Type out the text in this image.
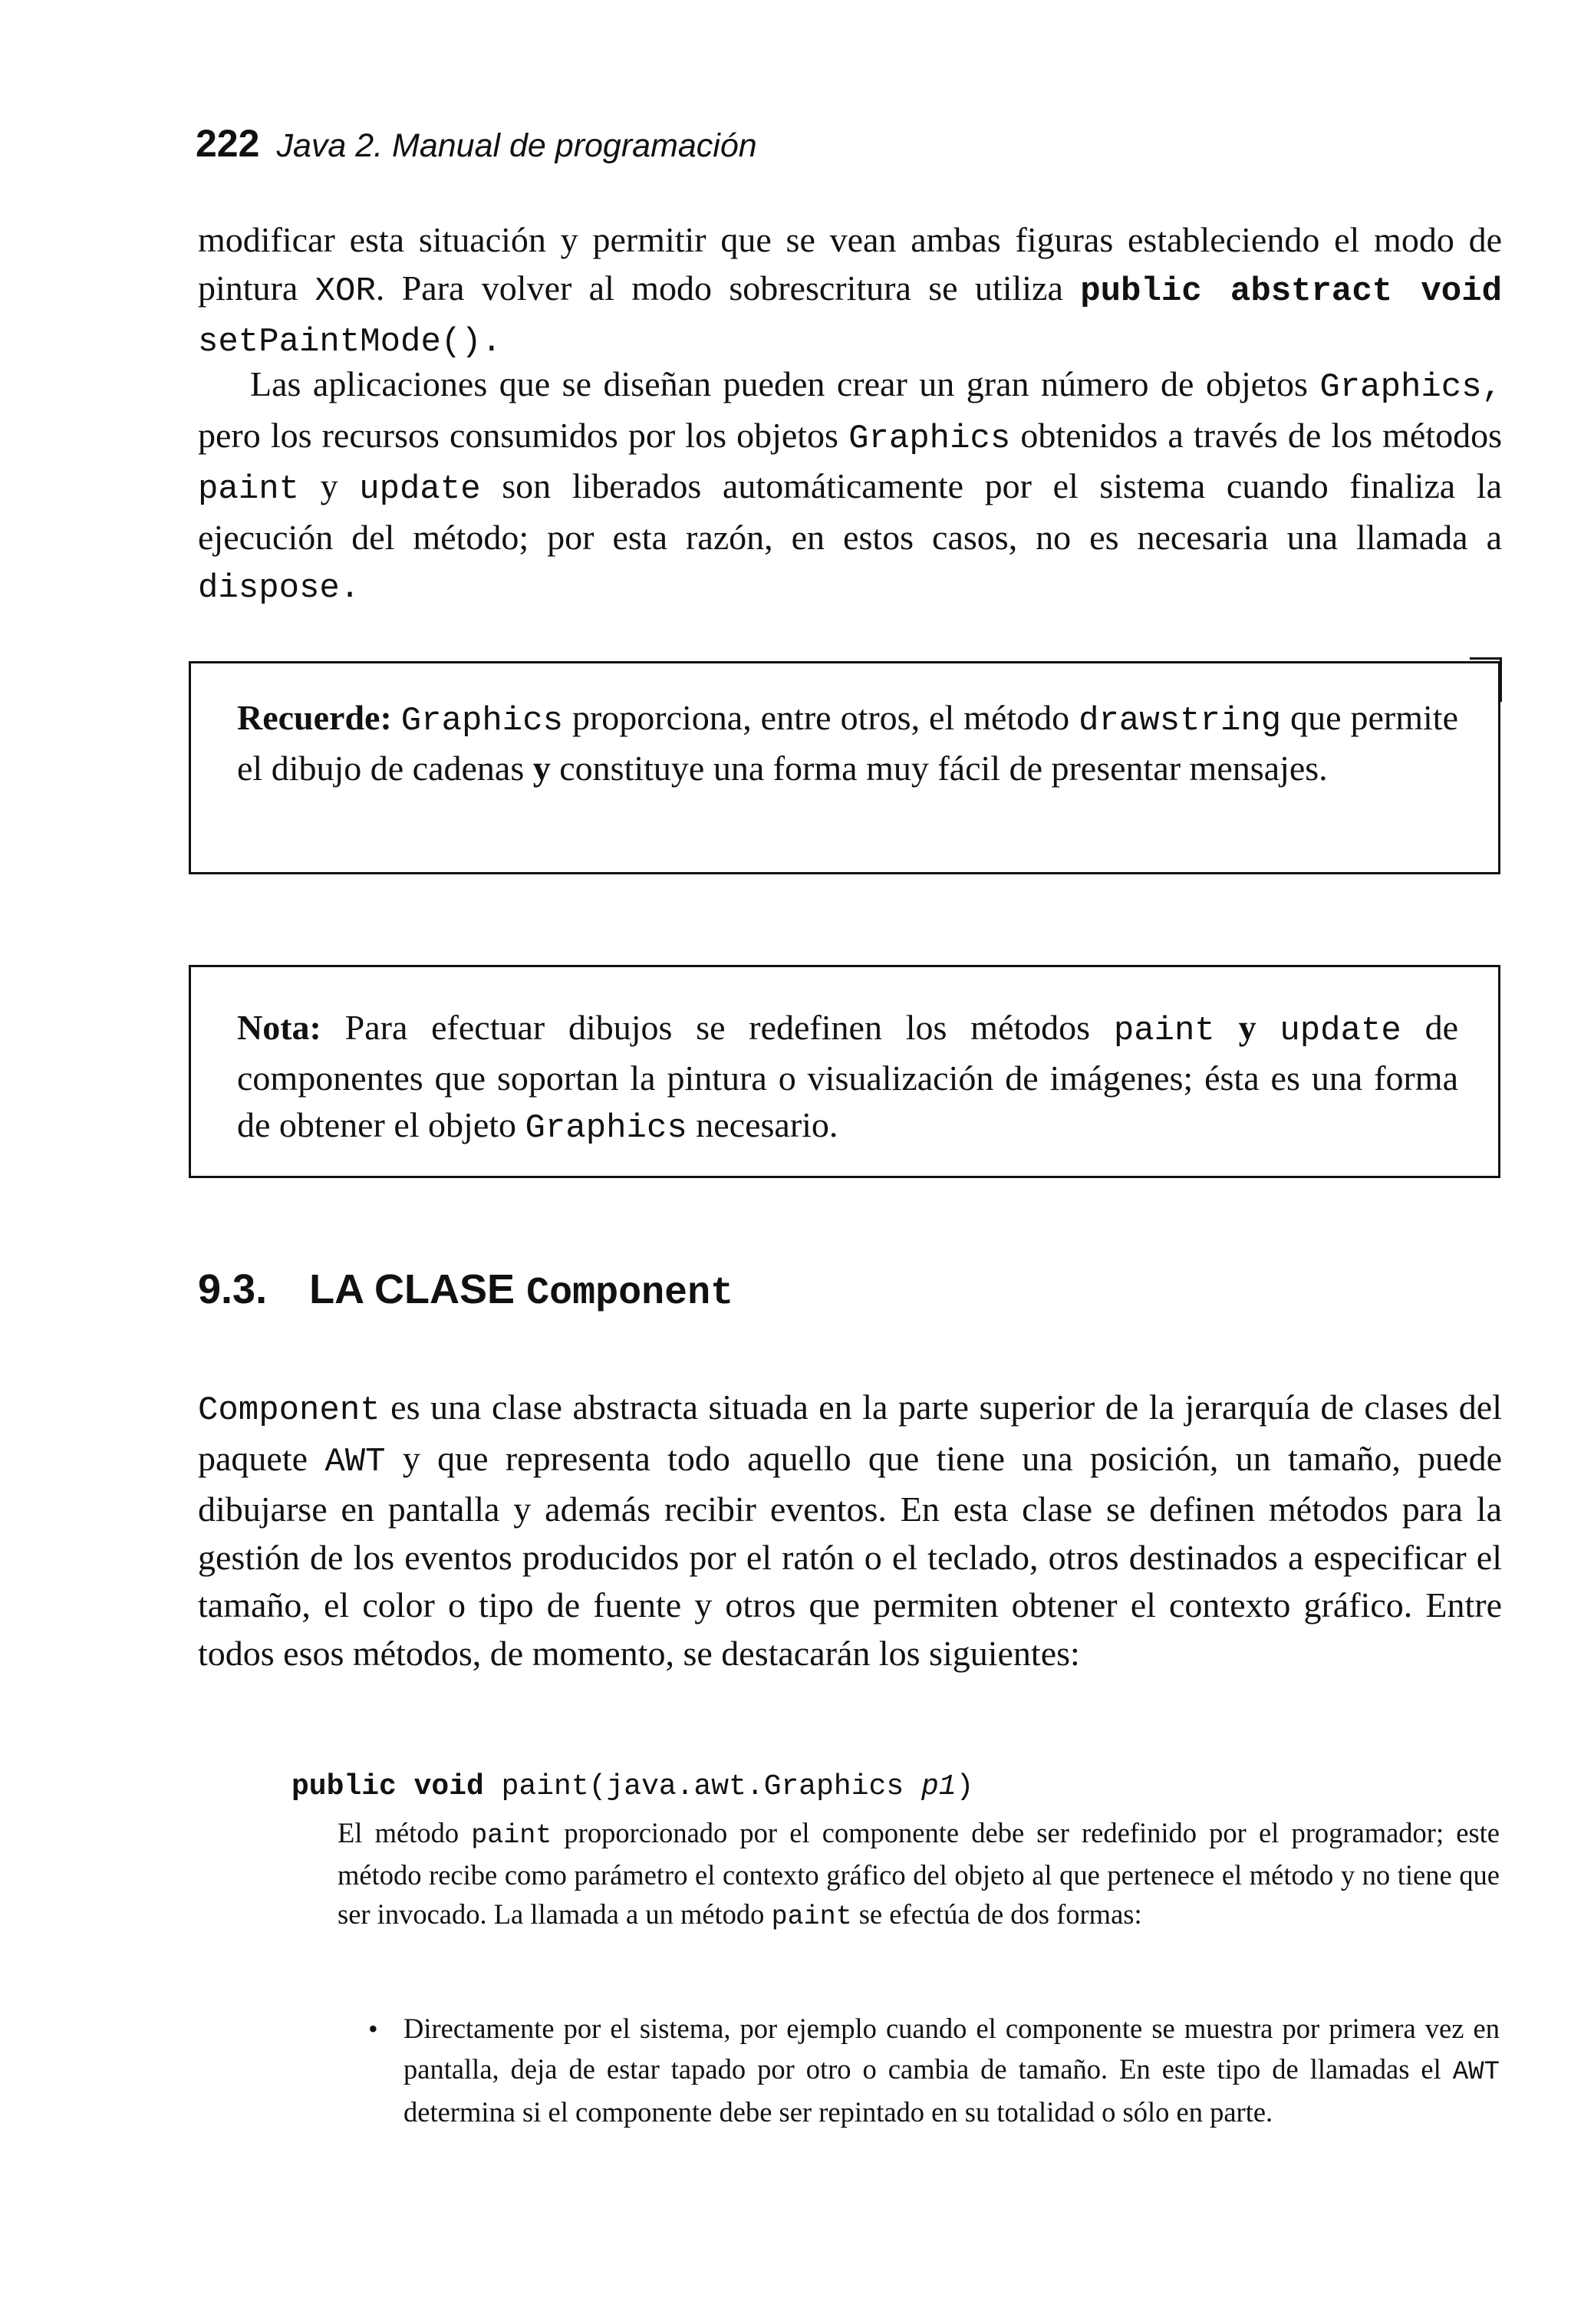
222 Java 2. Manual de programación
modificar esta situación y permitir que se vean ambas figuras estableciendo el modo de pintura XOR. Para volver al modo sobrescritura se utiliza public abstract void setPaintMode().
Las aplicaciones que se diseñan pueden crear un gran número de objetos Graphics, pero los recursos consumidos por los objetos Graphics obtenidos a través de los métodos paint y update son liberados automáticamente por el sistema cuando finaliza la ejecución del método; por esta razón, en estos casos, no es necesaria una llamada a dispose.
Recuerde: Graphics proporciona, entre otros, el método drawstring que permite el dibujo de cadenas y constituye una forma muy fácil de presentar mensajes.
Nota: Para efectuar dibujos se redefinen los métodos paint y update de componentes que soportan la pintura o visualización de imágenes; ésta es una forma de obtener el objeto Graphics necesario.
9.3. LA CLASE Component
Component es una clase abstracta situada en la parte superior de la jerarquía de clases del paquete AWT y que representa todo aquello que tiene una posición, un tamaño, puede dibujarse en pantalla y además recibir eventos. En esta clase se definen métodos para la gestión de los eventos producidos por el ratón o el teclado, otros destinados a especificar el tamaño, el color o tipo de fuente y otros que permiten obtener el contexto gráfico. Entre todos esos métodos, de momento, se destacarán los siguientes:
public void paint(java.awt.Graphics p1)
El método paint proporcionado por el componente debe ser redefinido por el programador; este método recibe como parámetro el contexto gráfico del objeto al que pertenece el método y no tiene que ser invocado. La llamada a un método paint se efectúa de dos formas:
• Directamente por el sistema, por ejemplo cuando el componente se muestra por primera vez en pantalla, deja de estar tapado por otro o cambia de tamaño. En este tipo de llamadas el AWT determina si el componente debe ser repintado en su totalidad o sólo en parte.
